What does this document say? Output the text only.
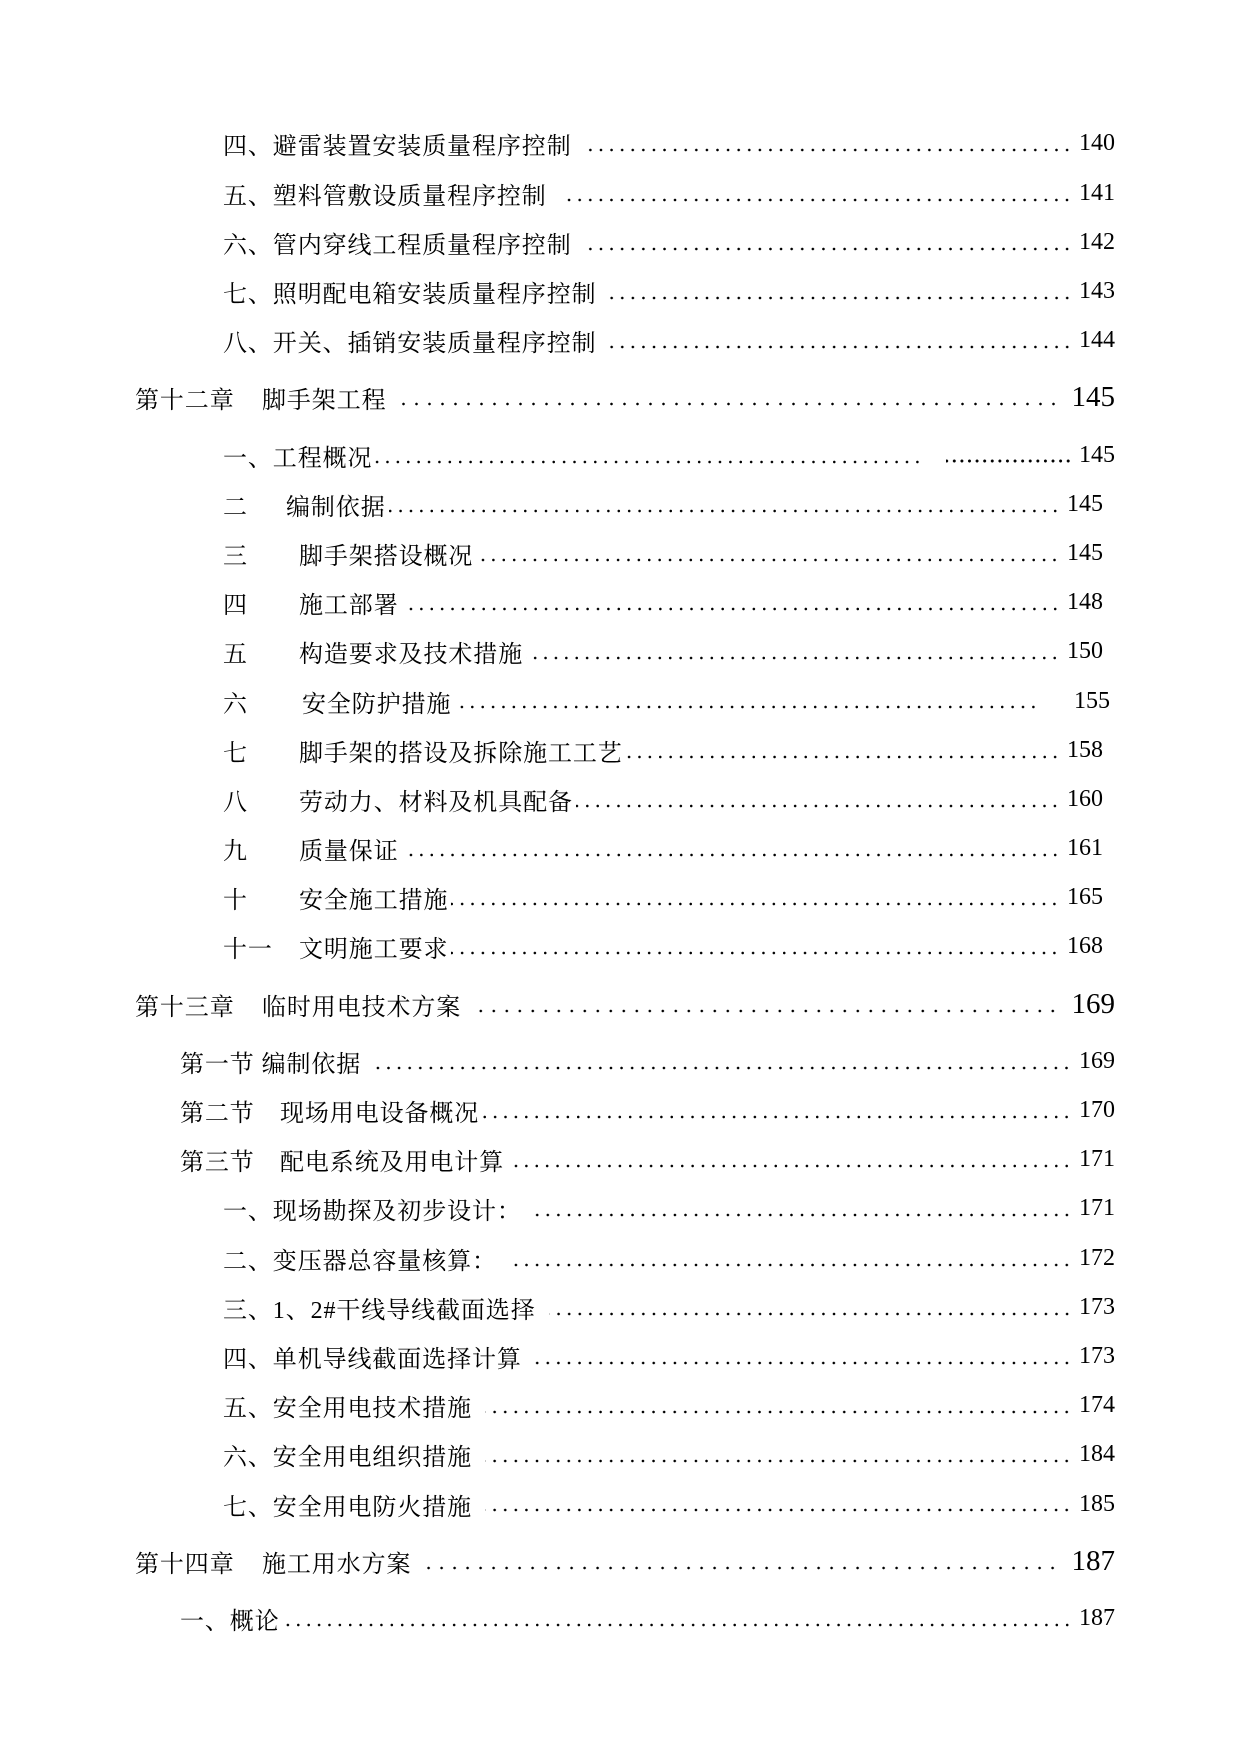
四、避雷装置安装质量程序控制	140
五、塑料管敷设质量程序控制	141
六、管内穿线工程质量程序控制	142
七、照明配电箱安装质量程序控制	143
八、开关、插销安装质量程序控制	144
第十二章	脚手架工程	145
一、工程概况	145
二	编制依据	145
三	脚手架搭设概况	145
四	施工部署	148
五	构造要求及技术措施	150
六	安全防护措施	155
七	脚手架的搭设及拆除施工工艺	158
八	劳动力、材料及机具配备	160
九	质量保证	161
十	安全施工措施	165
十一	文明施工要求	168
第十三章	临时用电技术方案	169
第一节 编制依据	169
第二节	现场用电设备概况	170
第三节	配电系统及用电计算	171
一、现场勘探及初步设计：	171
二、变压器总容量核算：	172
三、1、2#干线导线截面选择	173
四、单机导线截面选择计算	173
五、安全用电技术措施	174
六、安全用电组织措施	184
七、安全用电防火措施	185
第十四章	施工用水方案	187
一、概论	187
